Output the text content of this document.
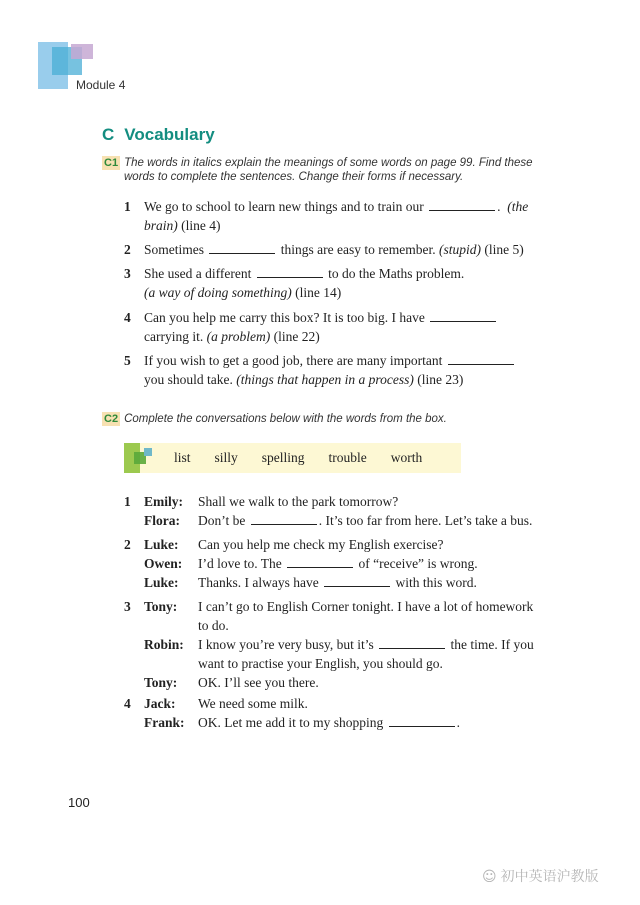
Module 4
C Vocabulary
C1 The words in italics explain the meanings of some words on page 99. Find these
words to complete the sentences. Change their forms if necessary.
1 We go to school to learn new things and to train our	. (the brain) (line 4)
2 Sometimes	things are easy to remember. (stupid) (line 5)
3 She used a different	to do the Maths problem.
(a way of doing something) (line 14)
4 Can you help me carry this box? It is too big. I have
carrying it. (a problem) (line 22)
5 If you wish to get a good job, there are many important
you should take. (things that happen in a process) (line 23)
C2 Complete the conversations below with the words from the box.
list silly spelling trouble worth
1 Emily:	Shall we walk to the park tomorrow?
Flora:	Don’t be	. It’s too far from here. Let’s take a bus.
2 Luke:	Can you help me check my English exercise?
Owen:	I’d love to. The	of “receive” is wrong.
Luke:	Thanks. I always have	with this word.
3 Tony:	I can’t go to English Corner tonight. I have a lot of homework to do.
Robin:	I know you’re very busy, but it’s	the time. If you want to practise your English, you should go.
Tony:	OK. I’ll see you there.
4 Jack:	We need some milk.
Frank:	OK. Let me add it to my shopping	.
100
☺ 初中英语沪教版
